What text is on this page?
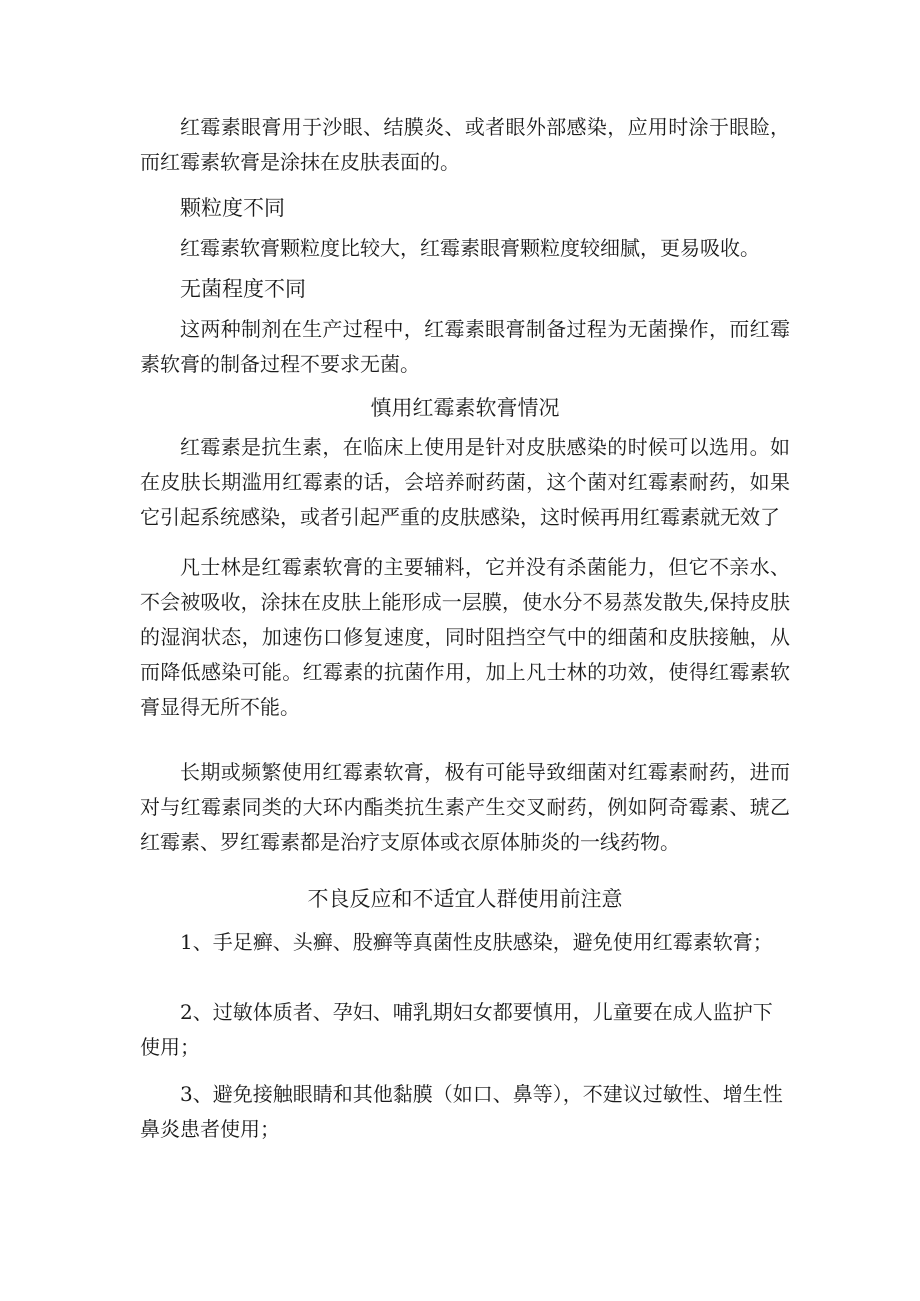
红霉素眼膏用于沙眼、结膜炎、或者眼外部感染，应用时涂于眼睑，而红霉素软膏是涂抹在皮肤表面的。

颗粒度不同

红霉素软膏颗粒度比较大，红霉素眼膏颗粒度较细腻，更易吸收。

无菌程度不同

这两种制剂在生产过程中，红霉素眼膏制备过程为无菌操作，而红霉素软膏的制备过程不要求无菌。

慎用红霉素软膏情况

红霉素是抗生素，在临床上使用是针对皮肤感染的时候可以选用。如在皮肤长期滥用红霉素的话，会培养耐药菌，这个菌对红霉素耐药，如果它引起系统感染，或者引起严重的皮肤感染，这时候再用红霉素就无效了

凡士林是红霉素软膏的主要辅料，它并没有杀菌能力，但它不亲水、不会被吸收，涂抹在皮肤上能形成一层膜，使水分不易蒸发散失,保持皮肤的湿润状态，加速伤口修复速度，同时阻挡空气中的细菌和皮肤接触，从而降低感染可能。红霉素的抗菌作用，加上凡士林的功效，使得红霉素软膏显得无所不能。

长期或频繁使用红霉素软膏，极有可能导致细菌对红霉素耐药，进而对与红霉素同类的大环内酯类抗生素产生交叉耐药，例如阿奇霉素、琥乙红霉素、罗红霉素都是治疗支原体或衣原体肺炎的一线药物。

不良反应和不适宜人群使用前注意

1、手足癣、头癣、股癣等真菌性皮肤感染，避免使用红霉素软膏；

2、过敏体质者、孕妇、哺乳期妇女都要慎用，儿童要在成人监护下使用；

3、避免接触眼睛和其他黏膜（如口、鼻等），不建议过敏性、增生性鼻炎患者使用；
